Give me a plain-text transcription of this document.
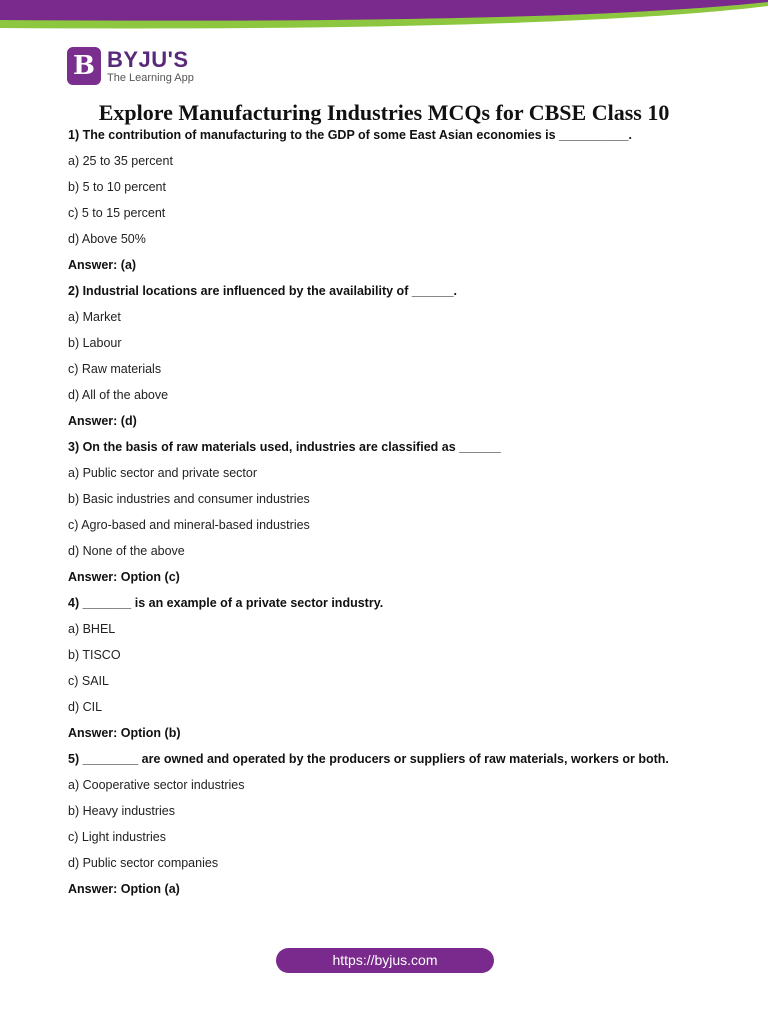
B BYJU'S
The Learning App
Explore Manufacturing Industries MCQs for CBSE Class 10
1) The contribution of manufacturing to the GDP of some East Asian economies is __________.
a) 25 to 35 percent
b) 5 to 10 percent
c) 5 to 15 percent
d) Above 50%
Answer: (a)
2) Industrial locations are influenced by the availability of ______.
a) Market
b) Labour
c) Raw materials
d) All of the above
Answer: (d)
3) On the basis of raw materials used, industries are classified as ______
a) Public sector and private sector
b) Basic industries and consumer industries
c) Agro-based and mineral-based industries
d) None of the above
Answer: Option (c)
4) _______ is an example of a private sector industry.
a) BHEL
b) TISCO
c) SAIL
d) CIL
Answer: Option (b)
5) ________ are owned and operated by the producers or suppliers of raw materials, workers or both.
a) Cooperative sector industries
b) Heavy industries
c) Light industries
d) Public sector companies
Answer: Option (a)
https://byjus.com
